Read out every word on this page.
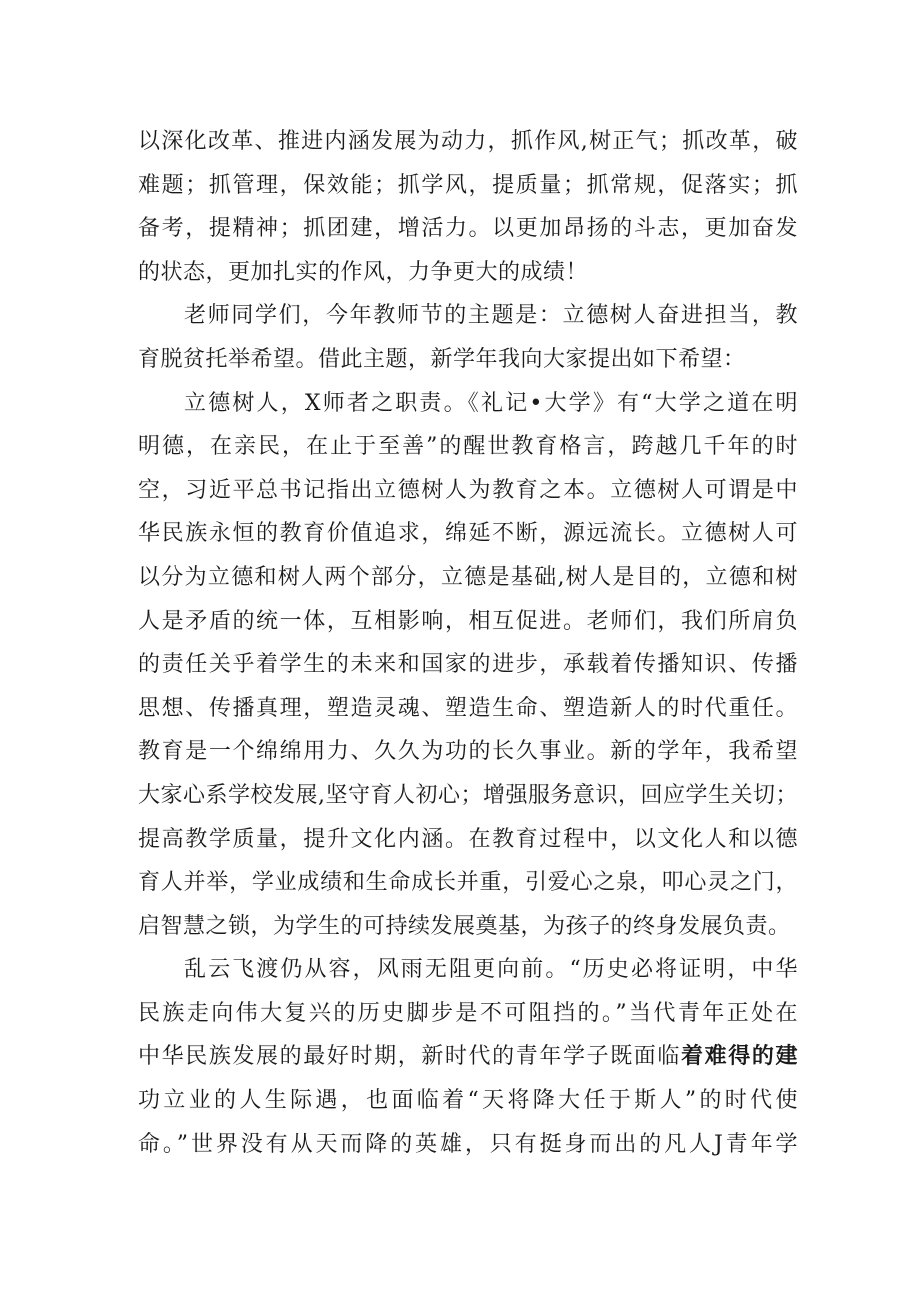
以深化改革、推进内涵发展为动力，抓作风,树正气；抓改革，破
难题；抓管理，保效能；抓学风，提质量；抓常规，促落实；抓
备考，提精神；抓团建，增活力。以更加昂扬的斗志，更加奋发
的状态，更加扎实的作风，力争更大的成绩！
老师同学们，今年教师节的主题是：立德树人奋进担当，教
育脱贫托举希望。借此主题，新学年我向大家提出如下希望：
立德树人，X师者之职责。《礼记•大学》有“大学之道在明
明德，在亲民，在止于至善”的醒世教育格言，跨越几千年的时
空，习近平总书记指出立德树人为教育之本。立德树人可谓是中
华民族永恒的教育价值追求，绵延不断，源远流长。立德树人可
以分为立德和树人两个部分，立德是基础,树人是目的，立德和树
人是矛盾的统一体，互相影响，相互促进。老师们，我们所肩负
的责任关乎着学生的未来和国家的进步，承载着传播知识、传播
思想、传播真理，塑造灵魂、塑造生命、塑造新人的时代重任。
教育是一个绵绵用力、久久为功的长久事业。新的学年，我希望
大家心系学校发展,坚守育人初心；增强服务意识，回应学生关切；
提高教学质量，提升文化内涵。在教育过程中，以文化人和以德
育人并举，学业成绩和生命成长并重，引爱心之泉，叩心灵之门，
启智慧之锁，为学生的可持续发展奠基，为孩子的终身发展负责。
乱云飞渡仍从容，风雨无阻更向前。“历史必将证明，中华
民族走向伟大复兴的历史脚步是不可阻挡的。”当代青年正处在
中华民族发展的最好时期，新时代的青年学子既面临着难得的建
功立业的人生际遇，也面临着“天将降大任于斯人”的时代使
命。”世界没有从天而降的英雄，只有挺身而出的凡人J青年学
